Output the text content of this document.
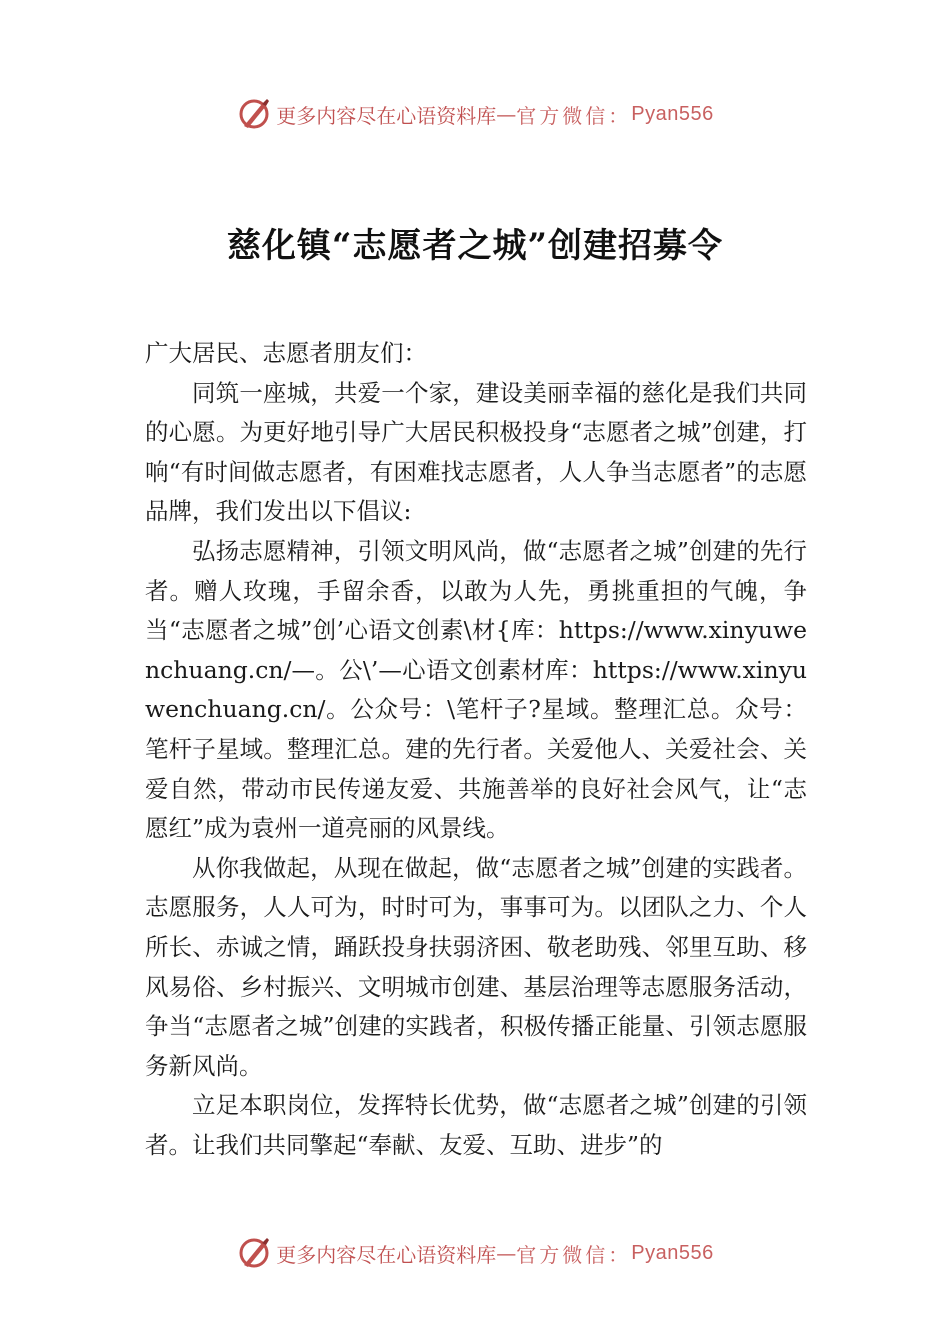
更多内容尽在心语资料库 — 官方微信： Pyan556
慈化镇“志愿者之城”创建招募令

广大居民、志愿者朋友们：

同筑一座城，共爱一个家，建设美丽幸福的慈化是我们共同的心愿。为更好地引导广大居民积极投身“志愿者之城”创建，打响“有时间做志愿者，有困难找志愿者，人人争当志愿者”的志愿品牌，我们发出以下倡议:

弘扬志愿精神，引领文明风尚，做“志愿者之城”创建的先行者。赠人玫瑰，手留余香，以敢为人先，勇挑重担的气魄，争当“志愿者之城”创’心语文创素\材{库：https://www.xinyuwenchuang.cn/—。公\’—心语文创素材库：https://www.xinyuwenchuang.cn/。公众号：\笔杆子?星域。整理汇总。众号：笔杆子星域。整理汇总。建的先行者。关爱他人、关爱社会、关爱自然，带动市民传递友爱、共施善举的良好社会风气，让“志愿红”成为袁州一道亮丽的风景线。

从你我做起，从现在做起，做“志愿者之城”创建的实践者。志愿服务，人人可为，时时可为，事事可为。以团队之力、个人所长、赤诚之情，踊跃投身扶弱济困、敬老助残、邻里互助、移风易俗、乡村振兴、文明城市创建、基层治理等志愿服务活动，争当“志愿者之城”创建的实践者，积极传播正能量、引领志愿服务新风尚。

立足本职岗位，发挥特长优势，做“志愿者之城”创建的引领者。让我们共同擎起“奉献、友爱、互助、进步”的

更多内容尽在心语资料库 — 官方微信： Pyan556
